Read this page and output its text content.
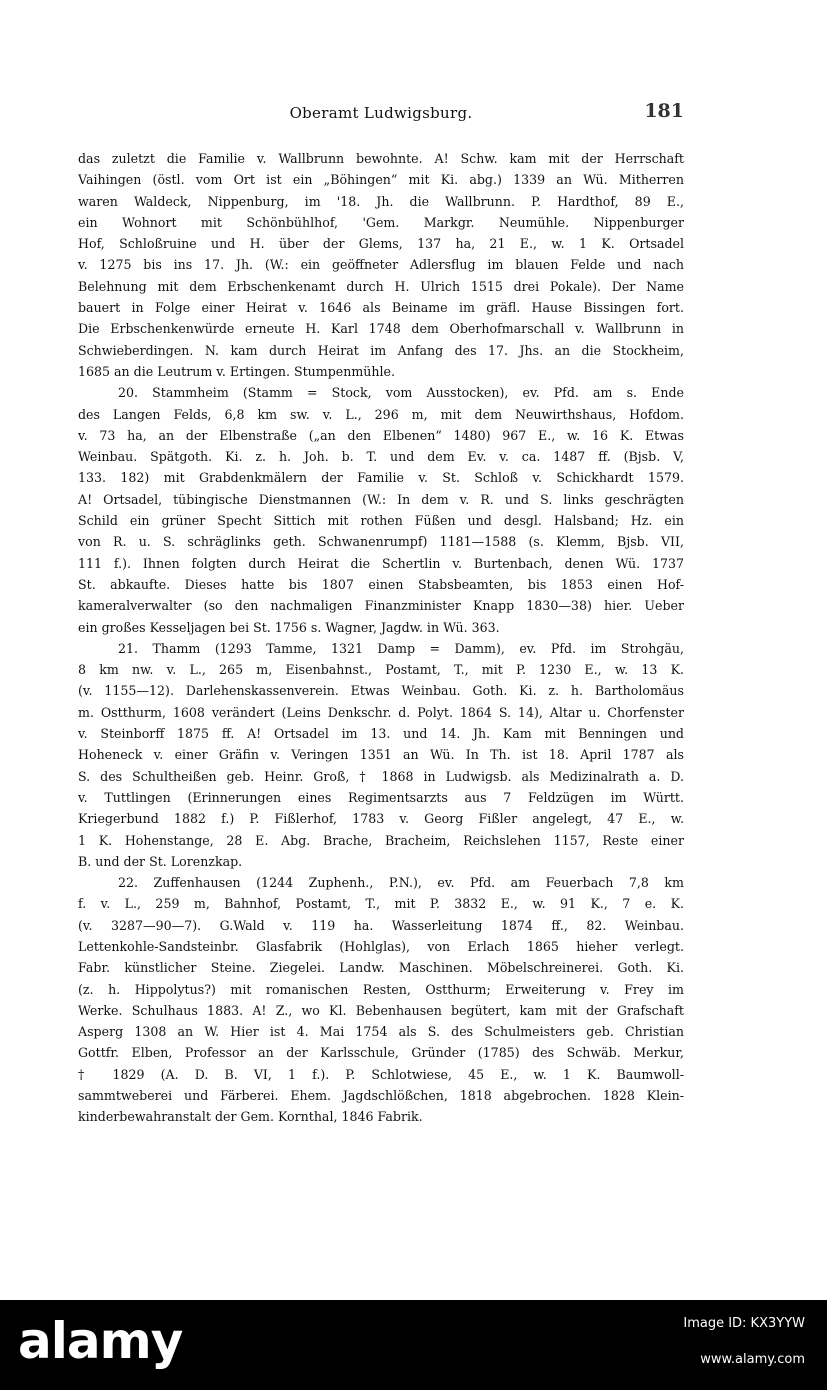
Oberamt Ludwigsburg.	181
das zuletzt die Familie v. Wallbrunn bewohnte. A! Schw. kam mit der Herrschaft
Vaihingen (östl. vom Ort ist ein „Böhingen“ mit Ki. abg.) 1339 an Wü. Mitherren
waren Waldeck, Nippenburg, im '18. Jh. die Wallbrunn. P. Hardthof, 89 E.,
ein Wohnort mit Schönbühlhof, 'Gem. Markgr. Neumühle. Nippenburger
Hof, Schloßruine und H. über der Glems, 137 ha, 21 E., w. 1 K. Ortsadel
v. 1275 bis ins 17. Jh. (W.: ein geöffneter Adlersflug im blauen Felde und nach
Belehnung mit dem Erbschenkenamt durch H. Ulrich 1515 drei Pokale). Der Name
bauert in Folge einer Heirat v. 1646 als Beiname im gräfl. Hause Bissingen fort.
Die Erbschenkenwürde erneute H. Karl 1748 dem Oberhofmarschall v. Wallbrunn in
Schwieberdingen. N. kam durch Heirat im Anfang des 17. Jhs. an die Stockheim,
1685 an die Leutrum v. Ertingen. Stumpenmühle.
20. Stammheim (Stamm = Stock, vom Ausstocken), ev. Pfd. am s. Ende
des Langen Felds, 6,8 km sw. v. L., 296 m, mit dem Neuwirthshaus, Hofdom.
v. 73 ha, an der Elbenstraße („an den Elbenen“ 1480) 967 E., w. 16 K. Etwas
Weinbau. Spätgoth. Ki. z. h. Joh. b. T. und dem Ev. v. ca. 1487 ff. (Bjsb. V,
133. 182) mit Grabdenkmälern der Familie v. St. Schloß v. Schickhardt 1579.
A! Ortsadel, tübingische Dienstmannen (W.: In dem v. R. und S. links geschrägten
Schild ein grüner Specht Sittich mit rothen Füßen und desgl. Halsband; Hz. ein
von R. u. S. schräglinks geth. Schwanenrumpf) 1181—1588 (s. Klemm, Bjsb. VII,
111 f.). Ihnen folgten durch Heirat die Schertlin v. Burtenbach, denen Wü. 1737
St. abkaufte. Dieses hatte bis 1807 einen Stabsbeamten, bis 1853 einen Hof-
kameralverwalter (so den nachmaligen Finanzminister Knapp 1830—38) hier. Ueber
ein großes Kesseljagen bei St. 1756 s. Wagner, Jagdw. in Wü. 363.
21. Thamm (1293 Tamme, 1321 Damp = Damm), ev. Pfd. im Strohgäu,
8 km nw. v. L., 265 m, Eisenbahnst., Postamt, T., mit P. 1230 E., w. 13 K.
(v. 1155—12). Darlehenskassenverein. Etwas Weinbau. Goth. Ki. z. h. Bartholomäus
m. Ostthurm, 1608 verändert (Leins Denkschr. d. Polyt. 1864 S. 14), Altar u. Chorfenster
v. Steinborff 1875 ff. A! Ortsadel im 13. und 14. Jh. Kam mit Benningen und
Hoheneck v. einer Gräfin v. Veringen 1351 an Wü. In Th. ist 18. April 1787 als
S. des Schultheißen geb. Heinr. Groß, † 1868 in Ludwigsb. als Medizinalrath a. D.
v. Tuttlingen (Erinnerungen eines Regimentsarzts aus 7 Feldzügen im Württ.
Kriegerbund 1882 f.) P. Fißlerhof, 1783 v. Georg Fißler angelegt, 47 E., w.
1 K. Hohenstange, 28 E. Abg. Brache, Bracheim, Reichslehen 1157, Reste einer
B. und der St. Lorenzkap.
22. Zuffenhausen (1244 Zuphenh., P.N.), ev. Pfd. am Feuerbach 7,8 km
f. v. L., 259 m, Bahnhof, Postamt, T., mit P. 3832 E., w. 91 K., 7 e. K.
(v. 3287—90—7). G.Wald v. 119 ha. Wasserleitung 1874 ff., 82. Weinbau.
Lettenkohle-Sandsteinbr. Glasfabrik (Hohlglas), von Erlach 1865 hieher verlegt.
Fabr. künstlicher Steine. Ziegelei. Landw. Maschinen. Möbelschreinerei. Goth. Ki.
(z. h. Hippolytus?) mit romanischen Resten, Ostthurm; Erweiterung v. Frey im
Werke. Schulhaus 1883. A! Z., wo Kl. Bebenhausen begütert, kam mit der Grafschaft
Asperg 1308 an W. Hier ist 4. Mai 1754 als S. des Schulmeisters geb. Christian
Gottfr. Elben, Professor an der Karlsschule, Gründer (1785) des Schwäb. Merkur,
† 1829 (A. D. B. VI, 1 f.). P. Schlotwiese, 45 E., w. 1 K. Baumwoll-
sammtweberei und Färberei. Ehem. Jagdschlößchen, 1818 abgebrochen. 1828 Klein-
kinderbewahranstalt der Gem. Kornthal, 1846 Fabrik.
alamy	Image ID: KX3YYW
www.alamy.com
